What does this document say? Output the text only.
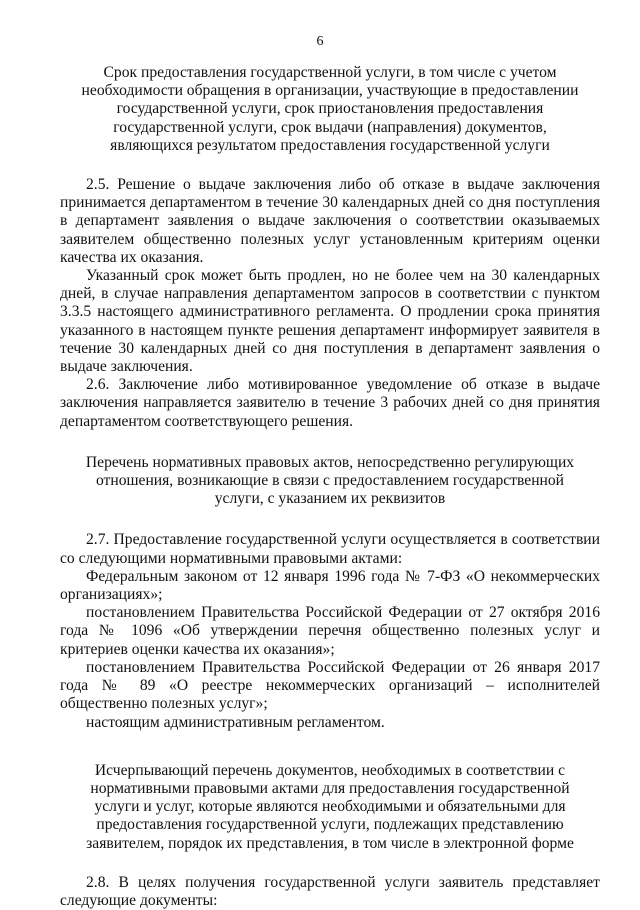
6

Срок предоставления государственной услуги, в том числе с учетом необходимости обращения в организации, участвующие в предоставлении государственной услуги, срок приостановления предоставления государственной услуги, срок выдачи (направления) документов, являющихся результатом предоставления государственной услуги

2.5. Решение о выдаче заключения либо об отказе в выдаче заключения принимается департаментом в течение 30 календарных дней со дня поступления в департамент заявления о выдаче заключения о соответствии оказываемых заявителем общественно полезных услуг установленным критериям оценки качества их оказания.

Указанный срок может быть продлен, но не более чем на 30 календарных дней, в случае направления департаментом запросов в соответствии с пунктом 3.3.5 настоящего административного регламента. О продлении срока принятия указанного в настоящем пункте решения департамент информирует заявителя в течение 30 календарных дней со дня поступления в департамент заявления о выдаче заключения.

2.6. Заключение либо мотивированное уведомление об отказе в выдаче заключения направляется заявителю в течение 3 рабочих дней со дня принятия департаментом соответствующего решения.

Перечень нормативных правовых актов, непосредственно регулирующих отношения, возникающие в связи с предоставлением государственной услуги, с указанием их реквизитов

2.7. Предоставление государственной услуги осуществляется в соответствии со следующими нормативными правовыми актами:

Федеральным законом от 12 января 1996 года № 7-ФЗ «О некоммерческих организациях»;
постановлением Правительства Российской Федерации от 27 октября 2016 года № 1096 «Об утверждении перечня общественно полезных услуг и критериев оценки качества их оказания»;
постановлением Правительства Российской Федерации от 26 января 2017 года № 89 «О реестре некоммерческих организаций – исполнителей общественно полезных услуг»;
настоящим административным регламентом.

Исчерпывающий перечень документов, необходимых в соответствии с нормативными правовыми актами для предоставления государственной услуги и услуг, которые являются необходимыми и обязательными для предоставления государственной услуги, подлежащих представлению заявителем, порядок их представления, в том числе в электронной форме

2.8. В целях получения государственной услуги заявитель представляет следующие документы:
